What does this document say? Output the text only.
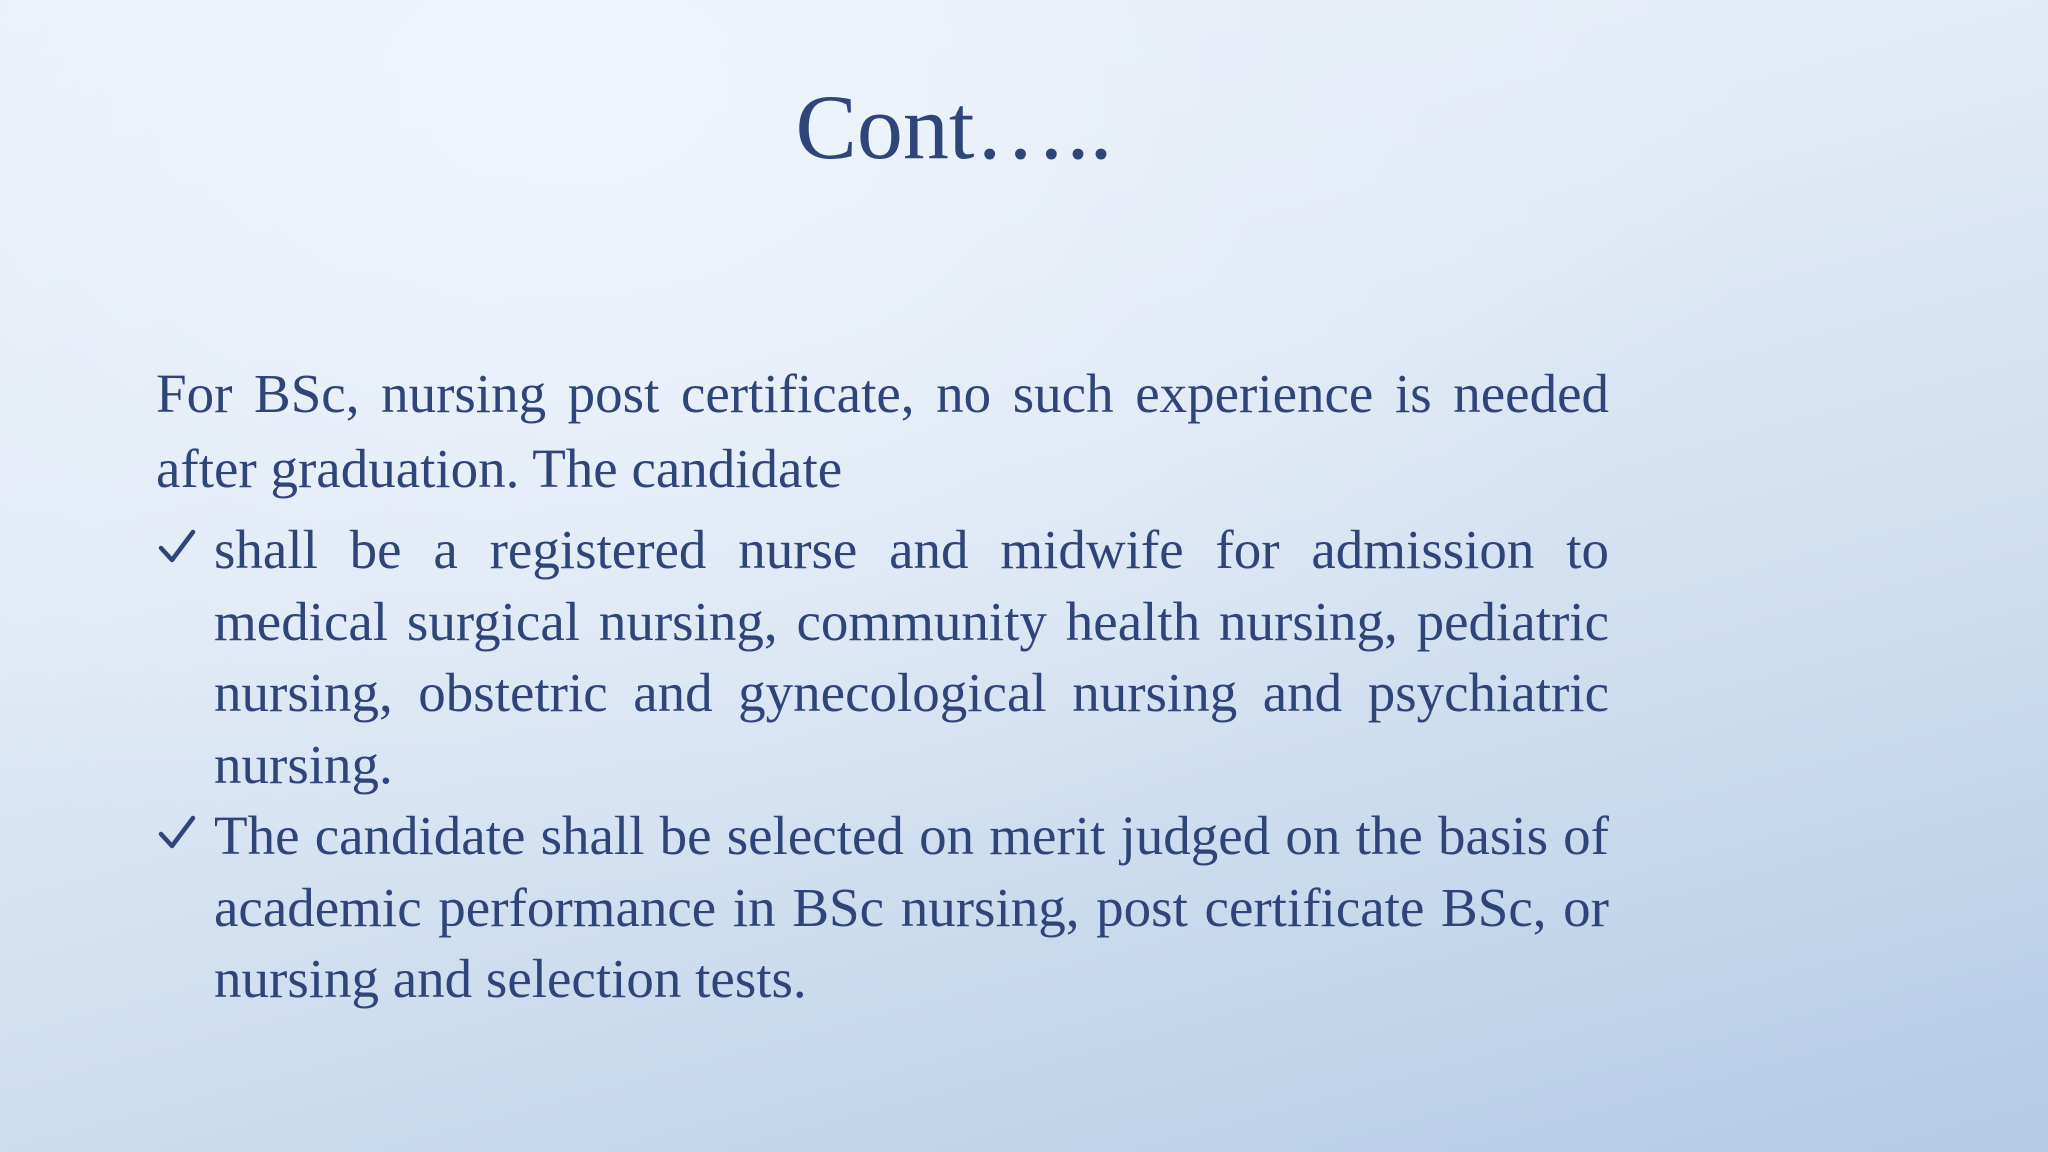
Cont…..

For BSc, nursing post certificate, no such experience is needed after graduation. The candidate

shall be a registered nurse and midwife for admission to medical surgical nursing, community health nursing, pediatric nursing, obstetric and gynecological nursing and psychiatric nursing.
The candidate shall be selected on merit judged on the basis of academic performance in BSc nursing, post certificate BSc, or nursing and selection tests.
